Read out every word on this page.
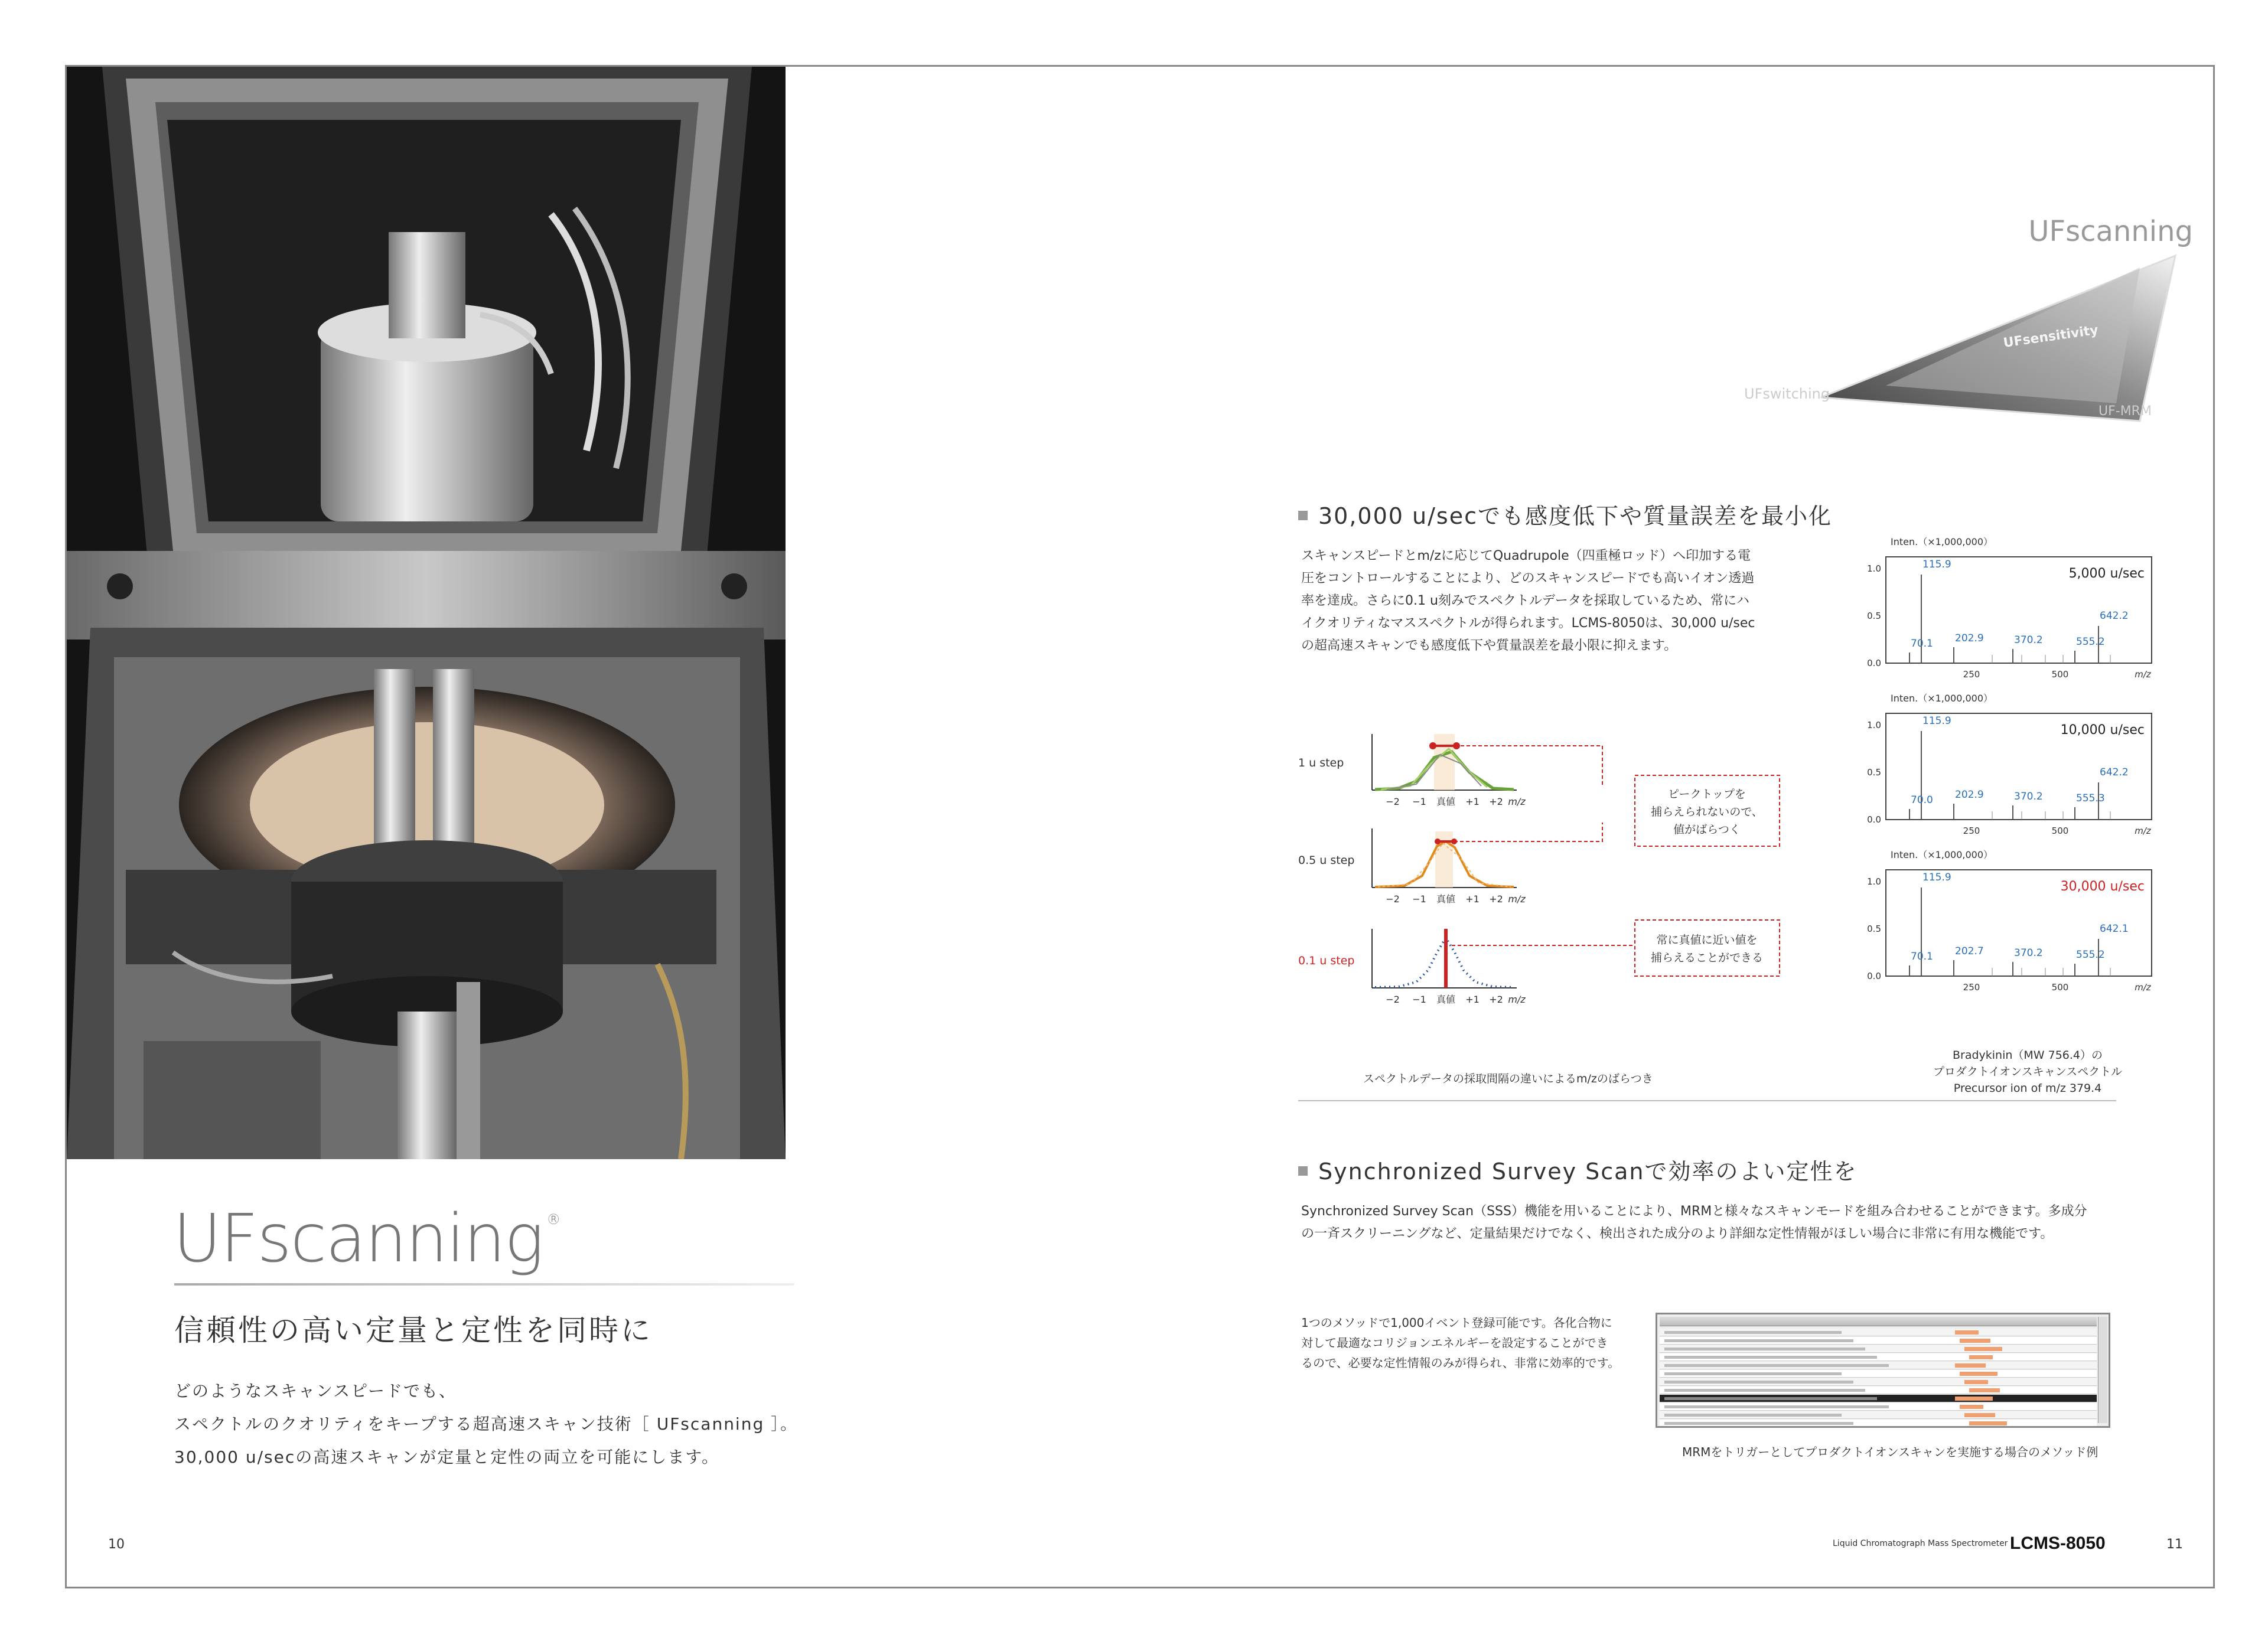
UFscanning ®
信頼性の高い定量と定性を同時に
どのようなスキャンスピードでも、
スペクトルのクオリティをキープする超高速スキャン技術［ UFscanning ］。
30,000 u/secの高速スキャンが定量と定性の両立を可能にします。
10
UFscanning
UFsensitivity
UFswitching
UF-MRM
30,000 u/secでも感度低下や質量誤差を最小化
スキャンスピードとm/zに応じてQuadrupole（四重極ロッド）へ印加する電
圧をコントロールすることにより、どのスキャンスピードでも高いイオン透過
率を達成。さらに0.1 u刻みでスペクトルデータを採取しているため、常にハ
イクオリティなマススペクトルが得られます。LCMS-8050は、30,000 u/sec
の超高速スキャンでも感度低下や質量誤差を最小限に抑えます。
1 u step
−2 −1 真値 +1 +2 m/z
0.5 u step
−2 −1 真値 +1 +2 m/z
0.1 u step
−2 −1 真値 +1 +2 m/z
ピークトップを
捕らえられないので、
値がばらつく
常に真値に近い値を
捕らえることができる
スペクトルデータの採取間隔の違いによるm/zのばらつき
Inten.（×1,000,000）
1.0
0.5
0.0
250	500	m/z
5,000 u/sec
115.9
70.1 202.9	370.2	555.2
642.2
Inten.（×1,000,000）
1.0
0.5
0.0
250	500	m/z
10,000 u/sec
115.9
70.0 202.9	370.2	555.3
642.2
Inten.（×1,000,000）
1.0
0.5
0.0
250	500	m/z
30,000 u/sec
115.9
70.1 202.7	370.2	555.2
642.1
Bradykinin（MW 756.4）の
プロダクトイオンスキャンスペクトル
Precursor ion of m/z 379.4
Synchronized Survey Scanで効率のよい定性を
Synchronized Survey Scan（SSS）機能を用いることにより、MRMと様々なスキャンモードを組み合わせることができます。多成分
の一斉スクリーニングなど、定量結果だけでなく、検出された成分のより詳細な定性情報がほしい場合に非常に有用な機能です。
1つのメソッドで1,000イベント登録可能です。各化合物に
対して最適なコリジョンエネルギーを設定することができ
るので、必要な定性情報のみが得られ、非常に効率的です。
MRMをトリガーとしてプロダクトイオンスキャンを実施する場合のメソッド例
Liquid Chromatograph Mass Spectrometer LCMS-8050	11
